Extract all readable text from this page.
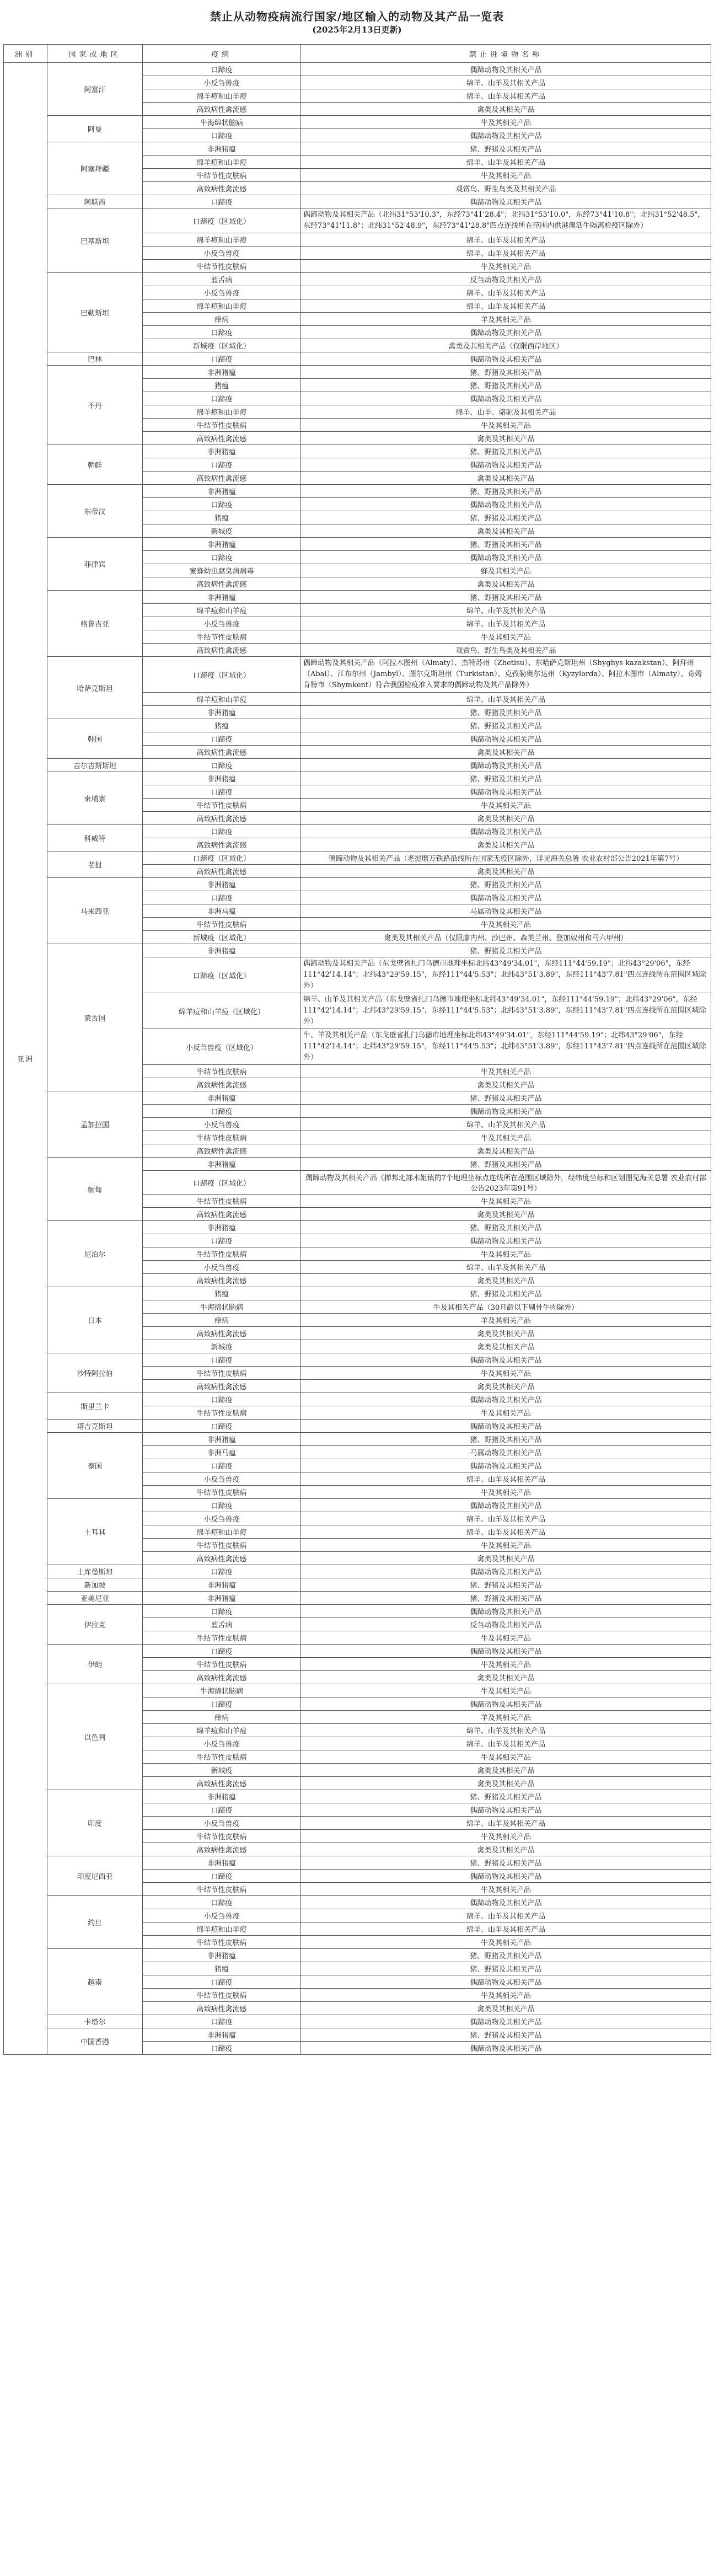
禁止从动物疫病流行国家/地区输入的动物及其产品一览表
(2025年2月13日更新)
洲别	国家或地区	疫病	禁止进境物名称
亚洲	阿富汗	口蹄疫	偶蹄动物及其相关产品
		小反刍兽疫	绵羊、山羊及其相关产品
		绵羊痘和山羊痘	绵羊、山羊及其相关产品
		高致病性禽流感	禽类及其相关产品
	阿曼	牛海绵状脑病	牛及其相关产品
		口蹄疫	偶蹄动物及其相关产品
	阿塞拜疆	非洲猪瘟	猪、野猪及其相关产品
		绵羊痘和山羊痘	绵羊、山羊及其相关产品
		牛结节性皮肤病	牛及其相关产品
		高致病性禽流感	观赏鸟、野生鸟类及其相关产品
	阿联酋	口蹄疫	偶蹄动物及其相关产品
	巴基斯坦	口蹄疫（区域化）	偶蹄动物及其相关产品（北纬31°53'10.3"，东经73°41'28.4"；北纬31°53'10.0"，东经73°41'10.8"；北纬31°52'48.5"，东经73°41'11.8"；北纬31°52'48.9"，东经73°41'28.8"四点连线所在范围内供港澳活牛隔离检疫区除外）
		绵羊痘和山羊痘	绵羊、山羊及其相关产品
		小反刍兽疫	绵羊、山羊及其相关产品
		牛结节性皮肤病	牛及其相关产品
	巴勒斯坦	蓝舌病	反刍动物及其相关产品
		小反刍兽疫	绵羊、山羊及其相关产品
		绵羊痘和山羊痘	绵羊、山羊及其相关产品
		痒病	羊及其相关产品
		口蹄疫	偶蹄动物及其相关产品
		新城疫（区域化）	禽类及其相关产品（仅限西岸地区）
	巴林	口蹄疫	偶蹄动物及其相关产品
	不丹	非洲猪瘟	猪、野猪及其相关产品
		猪瘟	猪、野猪及其相关产品
		口蹄疫	偶蹄动物及其相关产品
		绵羊痘和山羊痘	绵羊、山羊、骆驼及其相关产品
		牛结节性皮肤病	牛及其相关产品
		高致病性禽流感	禽类及其相关产品
	朝鲜	非洲猪瘟	猪、野猪及其相关产品
		口蹄疫	偶蹄动物及其相关产品
		高致病性禽流感	禽类及其相关产品
	东帝汶	非洲猪瘟	猪、野猪及其相关产品
		口蹄疫	偶蹄动物及其相关产品
		猪瘟	猪、野猪及其相关产品
		新城疫	禽类及其相关产品
	菲律宾	非洲猪瘟	猪、野猪及其相关产品
		口蹄疫	偶蹄动物及其相关产品
		蜜蜂幼虫腐臭病病毒	蜂及其相关产品
		高致病性禽流感	禽类及其相关产品
	格鲁吉亚	非洲猪瘟	猪、野猪及其相关产品
		绵羊痘和山羊痘	绵羊、山羊及其相关产品
		小反刍兽疫	绵羊、山羊及其相关产品
		牛结节性皮肤病	牛及其相关产品
		高致病性禽流感	观赏鸟、野生鸟类及其相关产品
	哈萨克斯坦	口蹄疫（区域化）	偶蹄动物及其相关产品（阿拉木图州（Almaty）、杰特苏州（Zhetisu）、东哈萨克斯坦州（Shyghys kazakstan）、阿拜州（Abai）、江布尔州（Jambyl）、图尔克斯坦州（Turkistan）、克孜勒奥尔达州（Kyzylorda）、阿拉木图市（Almaty）、奇姆肯特市（Shymkent）符合我国检疫准入要求的偶蹄动物及其产品除外）
		绵羊痘和山羊痘	绵羊、山羊及其相关产品
		非洲猪瘟	猪、野猪及其相关产品
	韩国	猪瘟	猪、野猪及其相关产品
		口蹄疫	偶蹄动物及其相关产品
		高致病性禽流感	禽类及其相关产品
	吉尔吉斯斯坦	口蹄疫	偶蹄动物及其相关产品
	柬埔寨	非洲猪瘟	猪、野猪及其相关产品
		口蹄疫	偶蹄动物及其相关产品
		牛结节性皮肤病	牛及其相关产品
		高致病性禽流感	禽类及其相关产品
	科威特	口蹄疫	偶蹄动物及其相关产品
		高致病性禽流感	禽类及其相关产品
	老挝	口蹄疫（区域化）	偶蹄动物及其相关产品（老挝磨万铁路沿线所在国家无疫区除外，详见海关总署 农业农村部公告2021年第7号）
		高致病性禽流感	禽类及其相关产品
	马来西亚	非洲猪瘟	猪、野猪及其相关产品
		口蹄疫	偶蹄动物及其相关产品
		非洲马瘟	马属动物及其相关产品
		牛结节性皮肤病	牛及其相关产品
		新城疫（区域化）	禽类及其相关产品（仅限廖内州、沙巴州、森美兰州、登加奴州和马六甲州）
	蒙古国	非洲猪瘟	猪、野猪及其相关产品
		口蹄疫（区域化）	偶蹄动物及其相关产品（东戈壁省扎门乌德市地理坐标北纬43°49'34.01"，东经111°44'59.19"；北纬43°29'06"，东经111°42'14.14"；北纬43°29'59.15"，东经111°44'5.53"；北纬43°51'3.89"，东经111°43'7.81"四点连线所在范围区域除外）
		绵羊痘和山羊痘（区域化）	绵羊、山羊及其相关产品（东戈壁省扎门乌德市地理坐标北纬43°49'34.01"，东经111°44'59.19"；北纬43°29'06"，东经111°42'14.14"；北纬43°29'59.15"，东经111°44'5.53"；北纬43°51'3.89"，东经111°43'7.81"四点连线所在范围区域除外）
		小反刍兽疫（区域化）	牛、羊及其相关产品（东戈壁省扎门乌德市地理坐标北纬43°49'34.01"，东经111°44'59.19"；北纬43°29'06"，东经111°42'14.14"；北纬43°29'59.15"，东经111°44'5.53"；北纬43°51'3.89"，东经111°43'7.81"四点连线所在范围区域除外）
		牛结节性皮肤病	牛及其相关产品
		高致病性禽流感	禽类及其相关产品
	孟加拉国	非洲猪瘟	猪、野猪及其相关产品
		口蹄疫	偶蹄动物及其相关产品
		小反刍兽疫	绵羊、山羊及其相关产品
		牛结节性皮肤病	牛及其相关产品
		高致病性禽流感	禽类及其相关产品
	缅甸	非洲猪瘟	猪、野猪及其相关产品
		口蹄疫（区域化）	偶蹄动物及其相关产品（掸邦北部木姐镇的7个地理坐标点连线所在范围区域除外，经纬度坐标和区划图见海关总署 农业农村部公告2023年第91号）
		牛结节性皮肤病	牛及其相关产品
		高致病性禽流感	禽类及其相关产品
	尼泊尔	非洲猪瘟	猪、野猪及其相关产品
		口蹄疫	偶蹄动物及其相关产品
		牛结节性皮肤病	牛及其相关产品
		小反刍兽疫	绵羊、山羊及其相关产品
		高致病性禽流感	禽类及其相关产品
	日本	猪瘟	猪、野猪及其相关产品
		牛海绵状脑病	牛及其相关产品（30月龄以下剔骨牛肉除外）
		痒病	羊及其相关产品
		高致病性禽流感	禽类及其相关产品
		新城疫	禽类及其相关产品
	沙特阿拉伯	口蹄疫	偶蹄动物及其相关产品
		牛结节性皮肤病	牛及其相关产品
		高致病性禽流感	禽类及其相关产品
	斯里兰卡	口蹄疫	偶蹄动物及其相关产品
		牛结节性皮肤病	牛及其相关产品
	塔吉克斯坦	口蹄疫	偶蹄动物及其相关产品
	泰国	非洲猪瘟	猪、野猪及其相关产品
		非洲马瘟	马属动物及其相关产品
		口蹄疫	偶蹄动物及其相关产品
		小反刍兽疫	绵羊、山羊及其相关产品
		牛结节性皮肤病	牛及其相关产品
	土耳其	口蹄疫	偶蹄动物及其相关产品
		小反刍兽疫	绵羊、山羊及其相关产品
		绵羊痘和山羊痘	绵羊、山羊及其相关产品
		牛结节性皮肤病	牛及其相关产品
		高致病性禽流感	禽类及其相关产品
	土库曼斯坦	口蹄疫	偶蹄动物及其相关产品
	新加坡	非洲猪瘟	猪、野猪及其相关产品
	亚美尼亚	非洲猪瘟	猪、野猪及其相关产品
	伊拉克	口蹄疫	偶蹄动物及其相关产品
		蓝舌病	反刍动物及其相关产品
		牛结节性皮肤病	牛及其相关产品
	伊朗	口蹄疫	偶蹄动物及其相关产品
		牛结节性皮肤病	牛及其相关产品
		高致病性禽流感	禽类及其相关产品
	以色列	牛海绵状脑病	牛及其相关产品
		口蹄疫	偶蹄动物及其相关产品
		痒病	羊及其相关产品
		绵羊痘和山羊痘	绵羊、山羊及其相关产品
		小反刍兽疫	绵羊、山羊及其相关产品
		牛结节性皮肤病	牛及其相关产品
		新城疫	禽类及其相关产品
		高致病性禽流感	禽类及其相关产品
	印度	非洲猪瘟	猪、野猪及其相关产品
		口蹄疫	偶蹄动物及其相关产品
		小反刍兽疫	绵羊、山羊及其相关产品
		牛结节性皮肤病	牛及其相关产品
		高致病性禽流感	禽类及其相关产品
	印度尼西亚	非洲猪瘟	猪、野猪及其相关产品
		口蹄疫	偶蹄动物及其相关产品
		牛结节性皮肤病	牛及其相关产品
	约旦	口蹄疫	偶蹄动物及其相关产品
		小反刍兽疫	绵羊、山羊及其相关产品
		绵羊痘和山羊痘	绵羊、山羊及其相关产品
		牛结节性皮肤病	牛及其相关产品
	越南	非洲猪瘟	猪、野猪及其相关产品
		猪瘟	猪、野猪及其相关产品
		口蹄疫	偶蹄动物及其相关产品
		牛结节性皮肤病	牛及其相关产品
		高致病性禽流感	禽类及其相关产品
	卡塔尔	口蹄疫	偶蹄动物及其相关产品
	中国香港	非洲猪瘟	猪、野猪及其相关产品
		口蹄疫	偶蹄动物及其相关产品
